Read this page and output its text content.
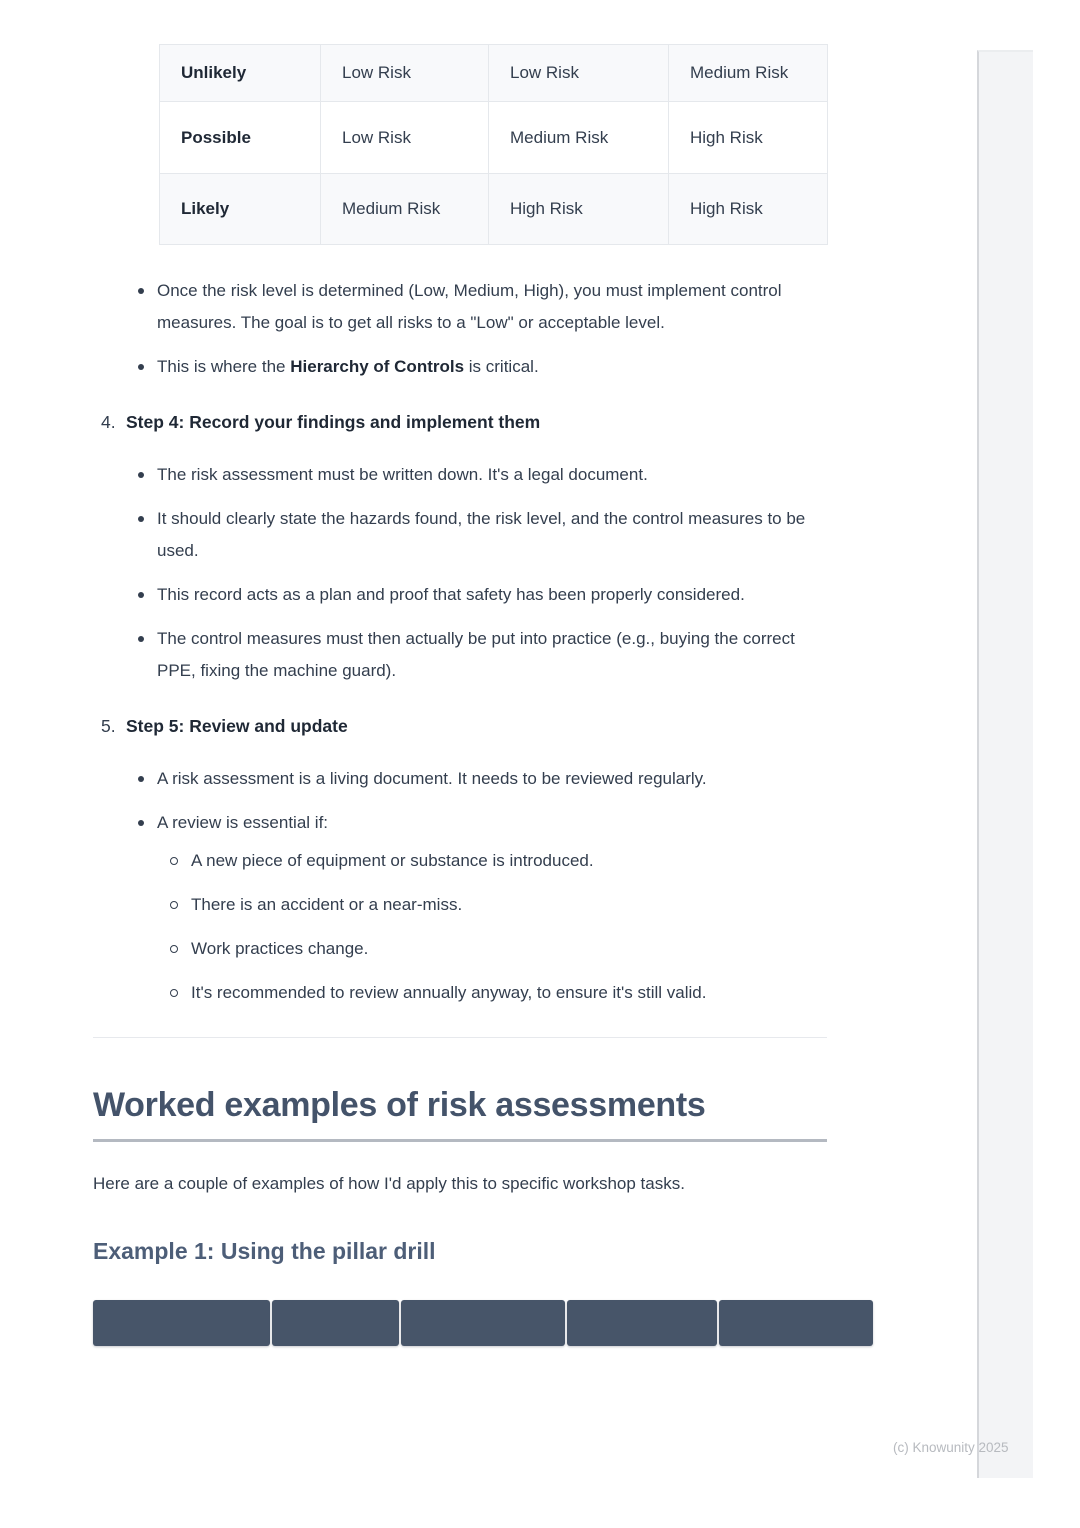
Unlikely	Low Risk	Low Risk	Medium Risk
Possible	Low Risk	Medium Risk	High Risk
Likely	Medium Risk	High Risk	High Risk
Once the risk level is determined (Low, Medium, High), you must implement control measures. The goal is to get all risks to a "Low" or acceptable level.
This is where the Hierarchy of Controls is critical.
4. Step 4: Record your findings and implement them
The risk assessment must be written down. It's a legal document.
It should clearly state the hazards found, the risk level, and the control measures to be used.
This record acts as a plan and proof that safety has been properly considered.
The control measures must then actually be put into practice (e.g., buying the correct PPE, fixing the machine guard).
5. Step 5: Review and update
A risk assessment is a living document. It needs to be reviewed regularly.
A review is essential if:
A new piece of equipment or substance is introduced.
There is an accident or a near-miss.
Work practices change.
It's recommended to review annually anyway, to ensure it's still valid.
Worked examples of risk assessments

Here are a couple of examples of how I'd apply this to specific workshop tasks.

Example 1: Using the pillar drill
(c) Knowunity 2025
